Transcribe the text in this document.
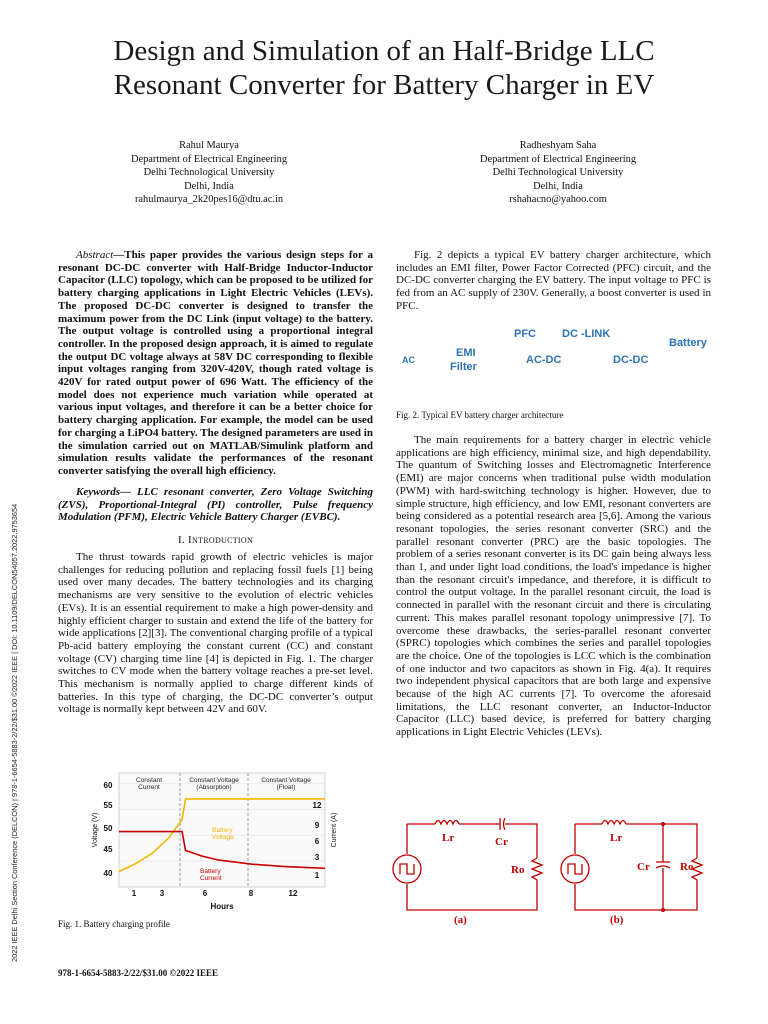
Design and Simulation of an Half-Bridge LLC
Resonant Converter for Battery Charger in EV
Rahul Maurya
Department of Electrical Engineering
Delhi Technological University
Delhi, India
rahulmaurya_2k20pes16@dtu.ac.in
Radheshyam Saha
Department of Electrical Engineering
Delhi Technological University
Delhi, India
rshahacno@yahoo.com
2022 IEEE Delhi Section Conference (DELCON) | 978-1-6654-5883-2/22/$31.00 ©2022 IEEE | DOI: 10.1109/DELCON54057.2022.9753654

Abstract—This paper provides the various design steps for a resonant DC-DC converter with Half-Bridge Inductor-Inductor Capacitor (LLC) topology, which can be proposed to be utilized for battery charging applications in Light Electric Vehicles (LEVs). The proposed DC-DC converter is designed to transfer the maximum power from the DC Link (input voltage) to the battery. The output voltage is controlled using a proportional integral controller. In the proposed design approach, it is aimed to regulate the output DC voltage always at 58V DC corresponding to flexible input voltages ranging from 320V-420V, though rated voltage is 420V for rated output power of 696 Watt. The efficiency of the model does not experience much variation while operated at various input voltages, and therefore it can be a better choice for battery charging application. For example, the model can be used for charging a LiPO4 battery. The designed parameters are used in the simulation carried out on MATLAB/Simulink platform and simulation results validate the performances of the resonant converter satisfying the overall high efficiency.

Keywords— LLC resonant converter, Zero Voltage Switching (ZVS), Proportional-Integral (PI) controller, Pulse frequency Modulation (PFM), Electric Vehicle Battery Charger (EVBC).

I. Introduction

The thrust towards rapid growth of electric vehicles is major challenges for reducing pollution and replacing fossil fuels [1] being used over many decades. The battery technologies and its charging mechanisms are very sensitive to the evolution of electric vehicles (EVs). It is an essential requirement to make a high power-density and highly efficient charger to sustain and extend the life of the battery for wide applications [2][3]. The conventional charging profile of a typical Pb-acid battery employing the constant current (CC) and constant voltage (CV) charging time line [4] is depicted in Fig. 1. The charger switches to CV mode when the battery voltage reaches a pre-set level. This mechanism is normally applied to charge different kinds of batteries. In this type of charging, the DC-DC converter’s output voltage is normally kept between 42V and 60V.

Constant
Current
Constant Voltage
(Absorption)
Constant Voltage
(Float)
Battery
Voltage
Battery
Current
60
55
50
45
40
12
9
6
3
1
1	3	6	8	12
Hours
Voltage (V)	Current (A)
Fig. 1. Battery charging profile
978-1-6654-5883-2/22/$31.00 ©2022 IEEE

Fig. 2 depicts a typical EV battery charger architecture, which includes an EMI filter, Power Factor Corrected (PFC) circuit, and the DC-DC converter charging the EV battery. The input voltage to PFC is fed from an AC supply of 230V. Generally, a boost converter is used in PFC.

AC
EMI
Filter
PFC DC -LINK
AC-DC	DC-DC
Battery
Fig. 2. Typical EV battery charger architecture

The main requirements for a battery charger in electric vehicle applications are high efficiency, minimal size, and high dependability. The quantum of Switching losses and Electromagnetic Interference (EMI) are major concerns when traditional pulse width modulation (PWM) with hard-switching technology is higher. However, due to simple structure, high efficiency, and low EMI, resonant converters are being considered as a potential research area [5,6]. Among the various resonant topologies, the series resonant converter (SRC) and the parallel resonant converter (PRC) are the basic topologies. The problem of a series resonant converter is its DC gain being always less than 1, and under light load conditions, the load's impedance is higher than the resonant circuit's impedance, and therefore, it is difficult to control the output voltage. In the parallel resonant circuit, the load is connected in parallel with the resonant circuit and there is circulating current. This makes parallel resonant topology unimpressive [7]. To overcome these drawbacks, the series-parallel resonant converter (SPRC) topologies which combines the series and parallel topologies are the choice. One of the topologies is LCC which is the combination of one inductor and two capacitors as shown in Fig. 4(a). It requires two independent physical capacitors that are both large and expensive because of the high AC currents [7]. To overcome the aforesaid limitations, the LLC resonant converter, an Inductor-Inductor Capacitor (LLC) based device, is preferred for battery charging applications in Light Electric Vehicles (LEVs).

Lr	Cr
Ro
(a)
Lr
Cr	Ro
(b)
